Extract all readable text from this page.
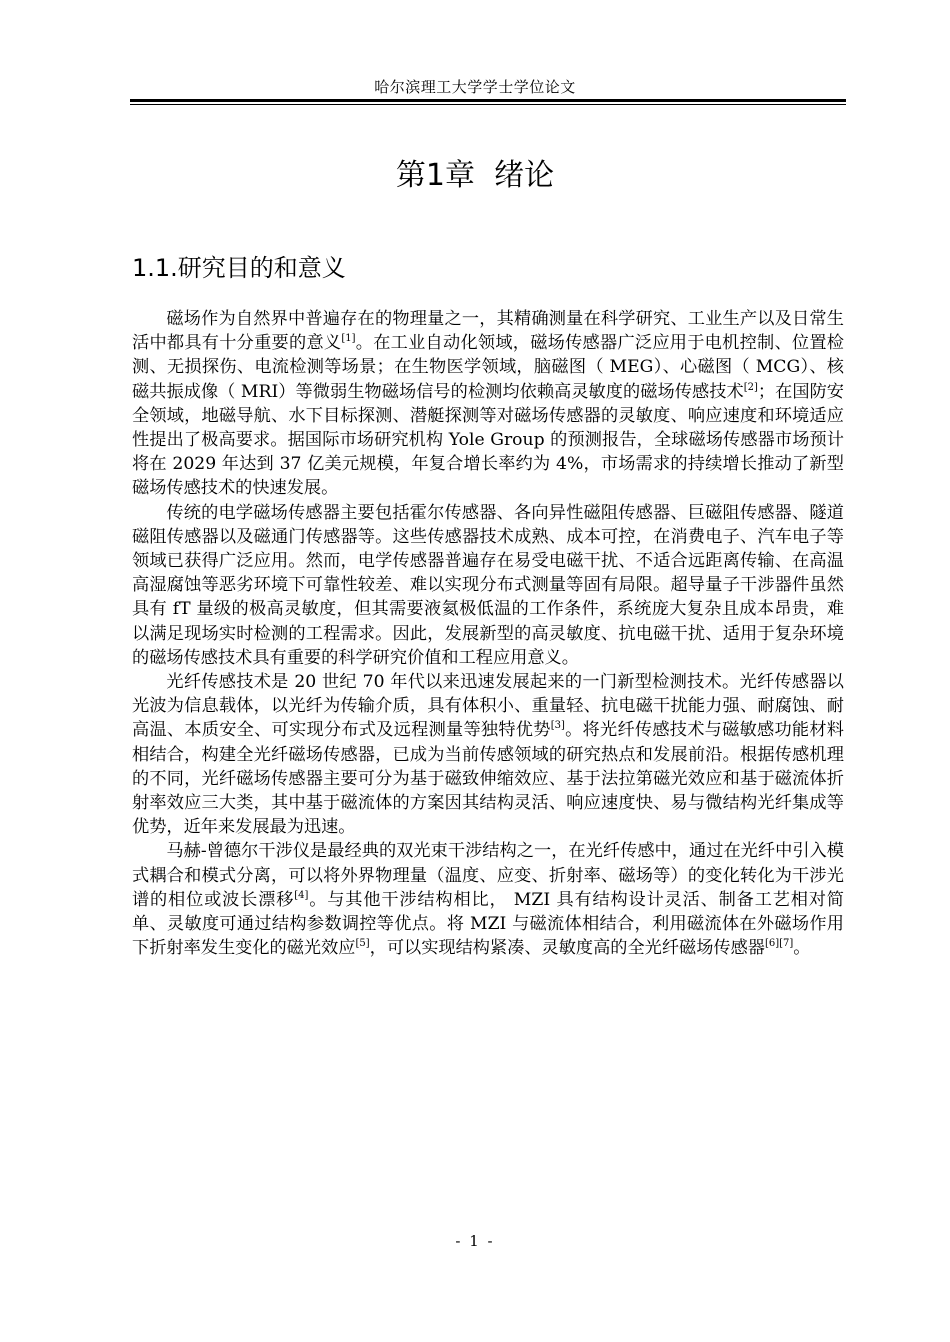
哈尔滨理工大学学士学位论文
第1章  绪论
1.1.研究目的和意义

磁场作为自然界中普遍存在的物理量之一，其精确测量在科学研究、工业生产以及日常生活中都具有十分重要的意义[1]。在工业自动化领域，磁场传感器广泛应用于电机控制、位置检测、无损探伤、电流检测等场景；在生物医学领域，脑磁图（ MEG）、心磁图（ MCG）、核磁共振成像（ MRI）等微弱生物磁场信号的检测均依赖高灵敏度的磁场传感技术[2]；在国防安全领域，地磁导航、水下目标探测、潜艇探测等对磁场传感器的灵敏度、响应速度和环境适应性提出了极高要求。据国际市场研究机构 Yole Group 的预测报告，全球磁场传感器市场预计将在 2029 年达到 37 亿美元规模，年复合增长率约为 4%，市场需求的持续增长推动了新型磁场传感技术的快速发展。

传统的电学磁场传感器主要包括霍尔传感器、各向异性磁阻传感器、巨磁阻传感器、隧道磁阻传感器以及磁通门传感器等。这些传感器技术成熟、成本可控，在消费电子、汽车电子等领域已获得广泛应用。然而，电学传感器普遍存在易受电磁干扰、不适合远距离传输、在高温高湿腐蚀等恶劣环境下可靠性较差、难以实现分布式测量等固有局限。超导量子干涉器件虽然具有 fT 量级的极高灵敏度，但其需要液氦极低温的工作条件，系统庞大复杂且成本昂贵，难以满足现场实时检测的工程需求。因此，发展新型的高灵敏度、抗电磁干扰、适用于复杂环境的磁场传感技术具有重要的科学研究价值和工程应用意义。

光纤传感技术是 20 世纪 70 年代以来迅速发展起来的一门新型检测技术。光纤传感器以光波为信息载体，以光纤为传输介质，具有体积小、重量轻、抗电磁干扰能力强、耐腐蚀、耐高温、本质安全、可实现分布式及远程测量等独特优势[3]。将光纤传感技术与磁敏感功能材料相结合，构建全光纤磁场传感器，已成为当前传感领域的研究热点和发展前沿。根据传感机理的不同，光纤磁场传感器主要可分为基于磁致伸缩效应、基于法拉第磁光效应和基于磁流体折射率效应三大类，其中基于磁流体的方案因其结构灵活、响应速度快、易与微结构光纤集成等优势，近年来发展最为迅速。

马赫-曾德尔干涉仪是最经典的双光束干涉结构之一，在光纤传感中，通过在光纤中引入模式耦合和模式分离，可以将外界物理量（温度、应变、折射率、磁场等）的变化转化为干涉光谱的相位或波长漂移[4]。与其他干涉结构相比， MZI 具有结构设计灵活、制备工艺相对简单、灵敏度可通过结构参数调控等优点。将 MZI 与磁流体相结合，利用磁流体在外磁场作用下折射率发生变化的磁光效应[5]，可以实现结构紧凑、灵敏度高的全光纤磁场传感器[6][7]。

- 1 -
